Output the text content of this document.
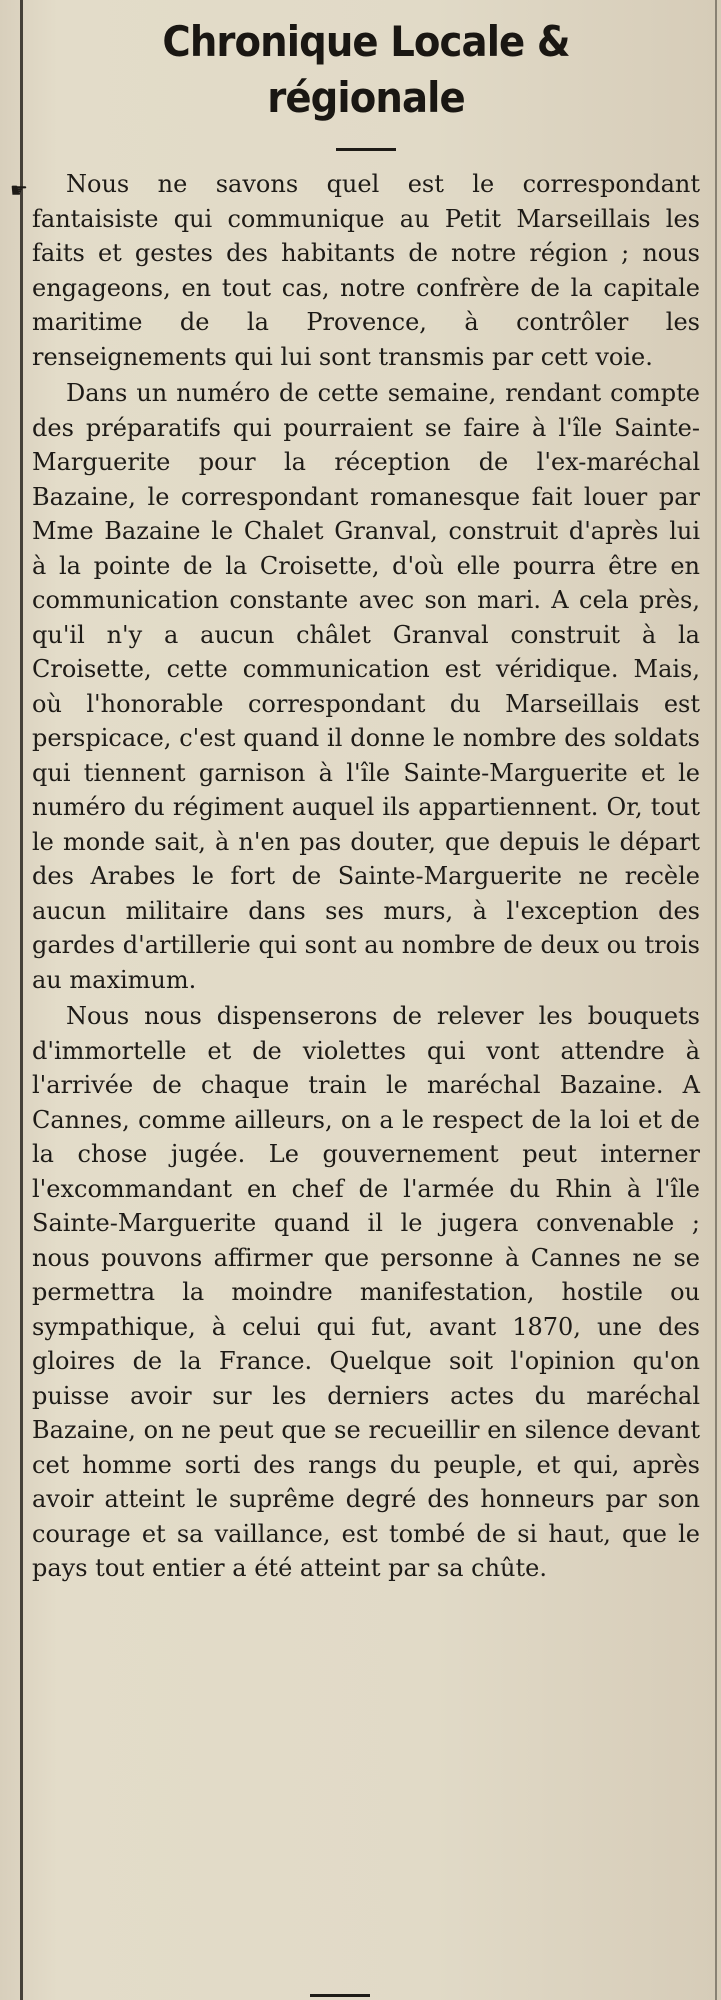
Chronique Locale & régionale

☛ Nous ne savons quel est le correspondant fantaisiste qui communique au Petit Marseillais les faits et gestes des habitants de notre région ; nous engageons, en tout cas, notre confrère de la capitale maritime de la Provence, à contrôler les renseignements qui lui sont transmis par cett voie.

Dans un numéro de cette semaine, rendant compte des préparatifs qui pourraient se faire à l'île Sainte-Marguerite pour la réception de l'ex-maréchal Bazaine, le correspondant romanesque fait louer par Mme Bazaine le Chalet Granval, construit d'après lui à la pointe de la Croisette, d'où elle pourra être en communication constante avec son mari. A cela près, qu'il n'y a aucun châlet Granval construit à la Croisette, cette communication est véridique. Mais, où l'honorable correspondant du Marseillais est perspicace, c'est quand il donne le nombre des soldats qui tiennent garnison à l'île Sainte-Marguerite et le numéro du régiment auquel ils appartiennent. Or, tout le monde sait, à n'en pas douter, que depuis le départ des Arabes le fort de Sainte-Marguerite ne recèle aucun militaire dans ses murs, à l'exception des gardes d'artillerie qui sont au nombre de deux ou trois au maximum.

Nous nous dispenserons de relever les bouquets d'immortelle et de violettes qui vont attendre à l'arrivée de chaque train le maréchal Bazaine. A Cannes, comme ailleurs, on a le respect de la loi et de la chose jugée. Le gouvernement peut interner l'excommandant en chef de l'armée du Rhin à l'île Sainte-Marguerite quand il le jugera convenable ; nous pouvons affirmer que personne à Cannes ne se permettra la moindre manifestation, hostile ou sympathique, à celui qui fut, avant 1870, une des gloires de la France. Quelque soit l'opinion qu'on puisse avoir sur les derniers actes du maréchal Bazaine, on ne peut que se recueillir en silence devant cet homme sorti des rangs du peuple, et qui, après avoir atteint le suprême degré des honneurs par son courage et sa vaillance, est tombé de si haut, que le pays tout entier a été atteint par sa chûte.
